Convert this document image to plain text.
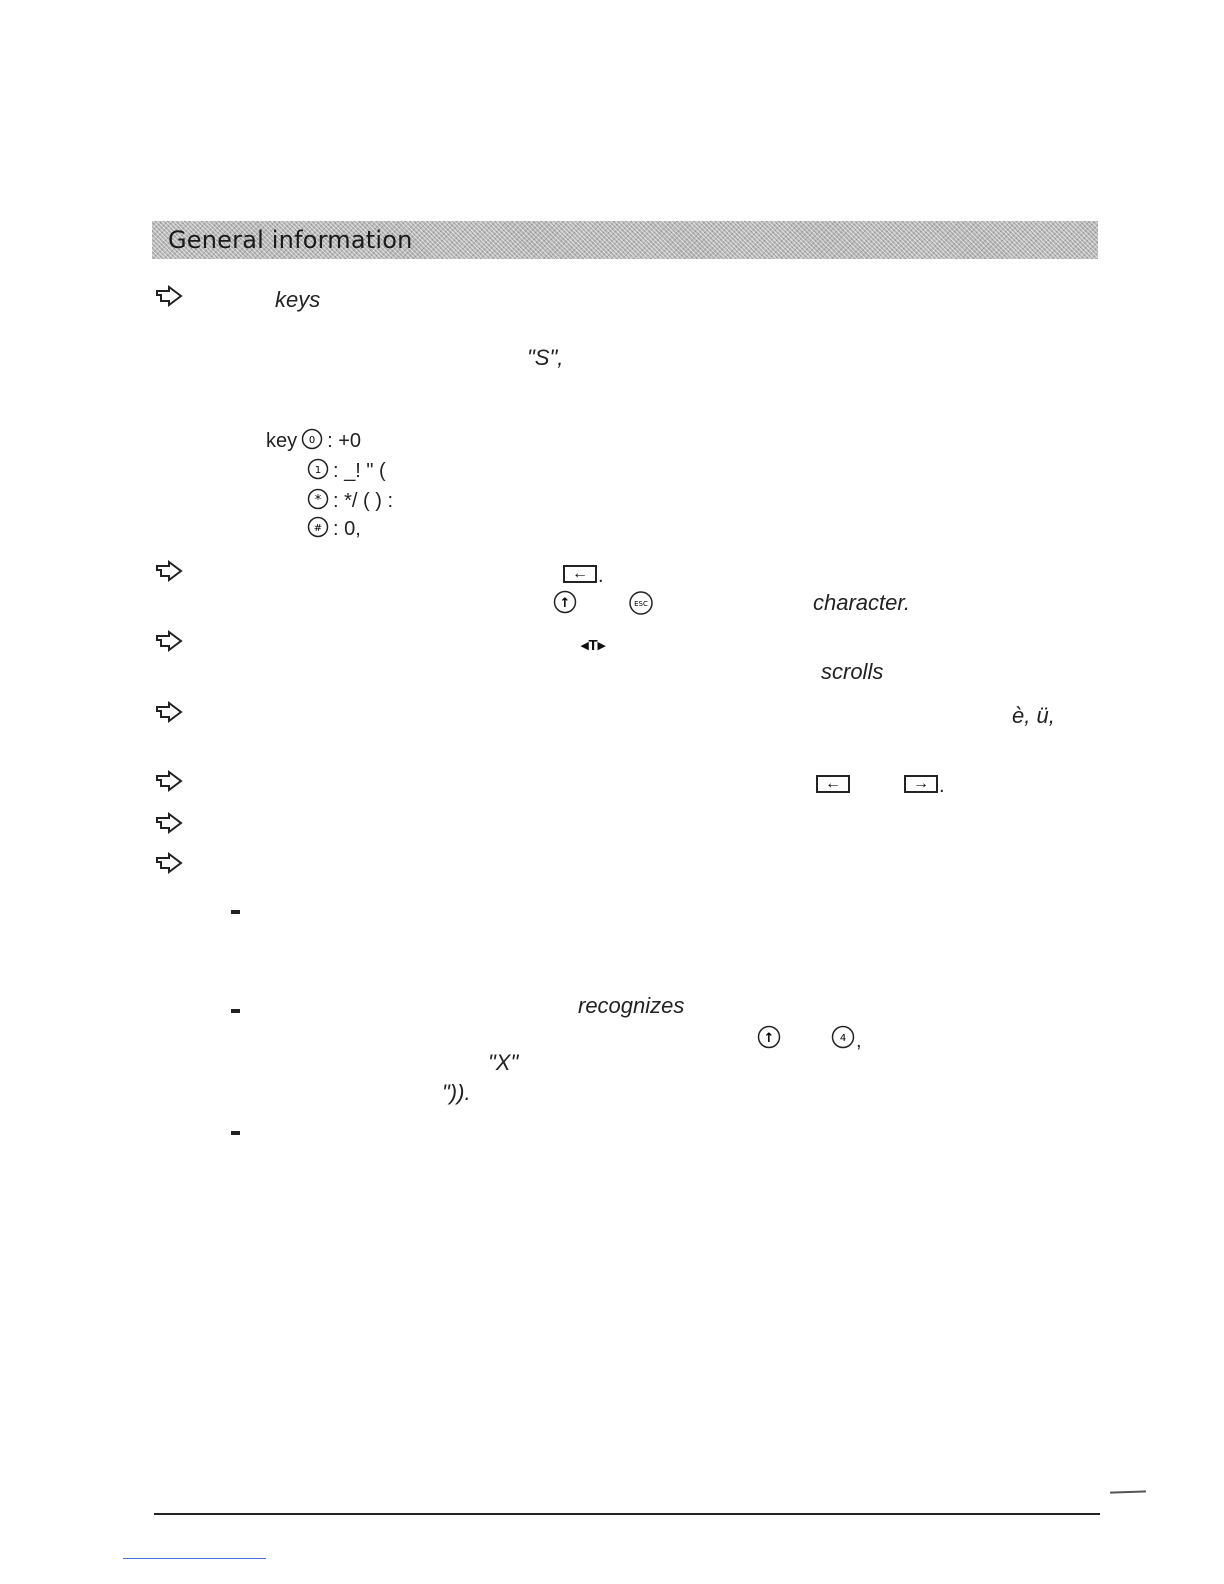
General information
keys
"S",
key 0 : +0
1 : _! " (
* : */ ( ) :
# : 0,
← .
↑	ESC	character.
◂T▸
scrolls
è, ü,
←	→ .
recognizes
↑	4 ,
"X"
")).
